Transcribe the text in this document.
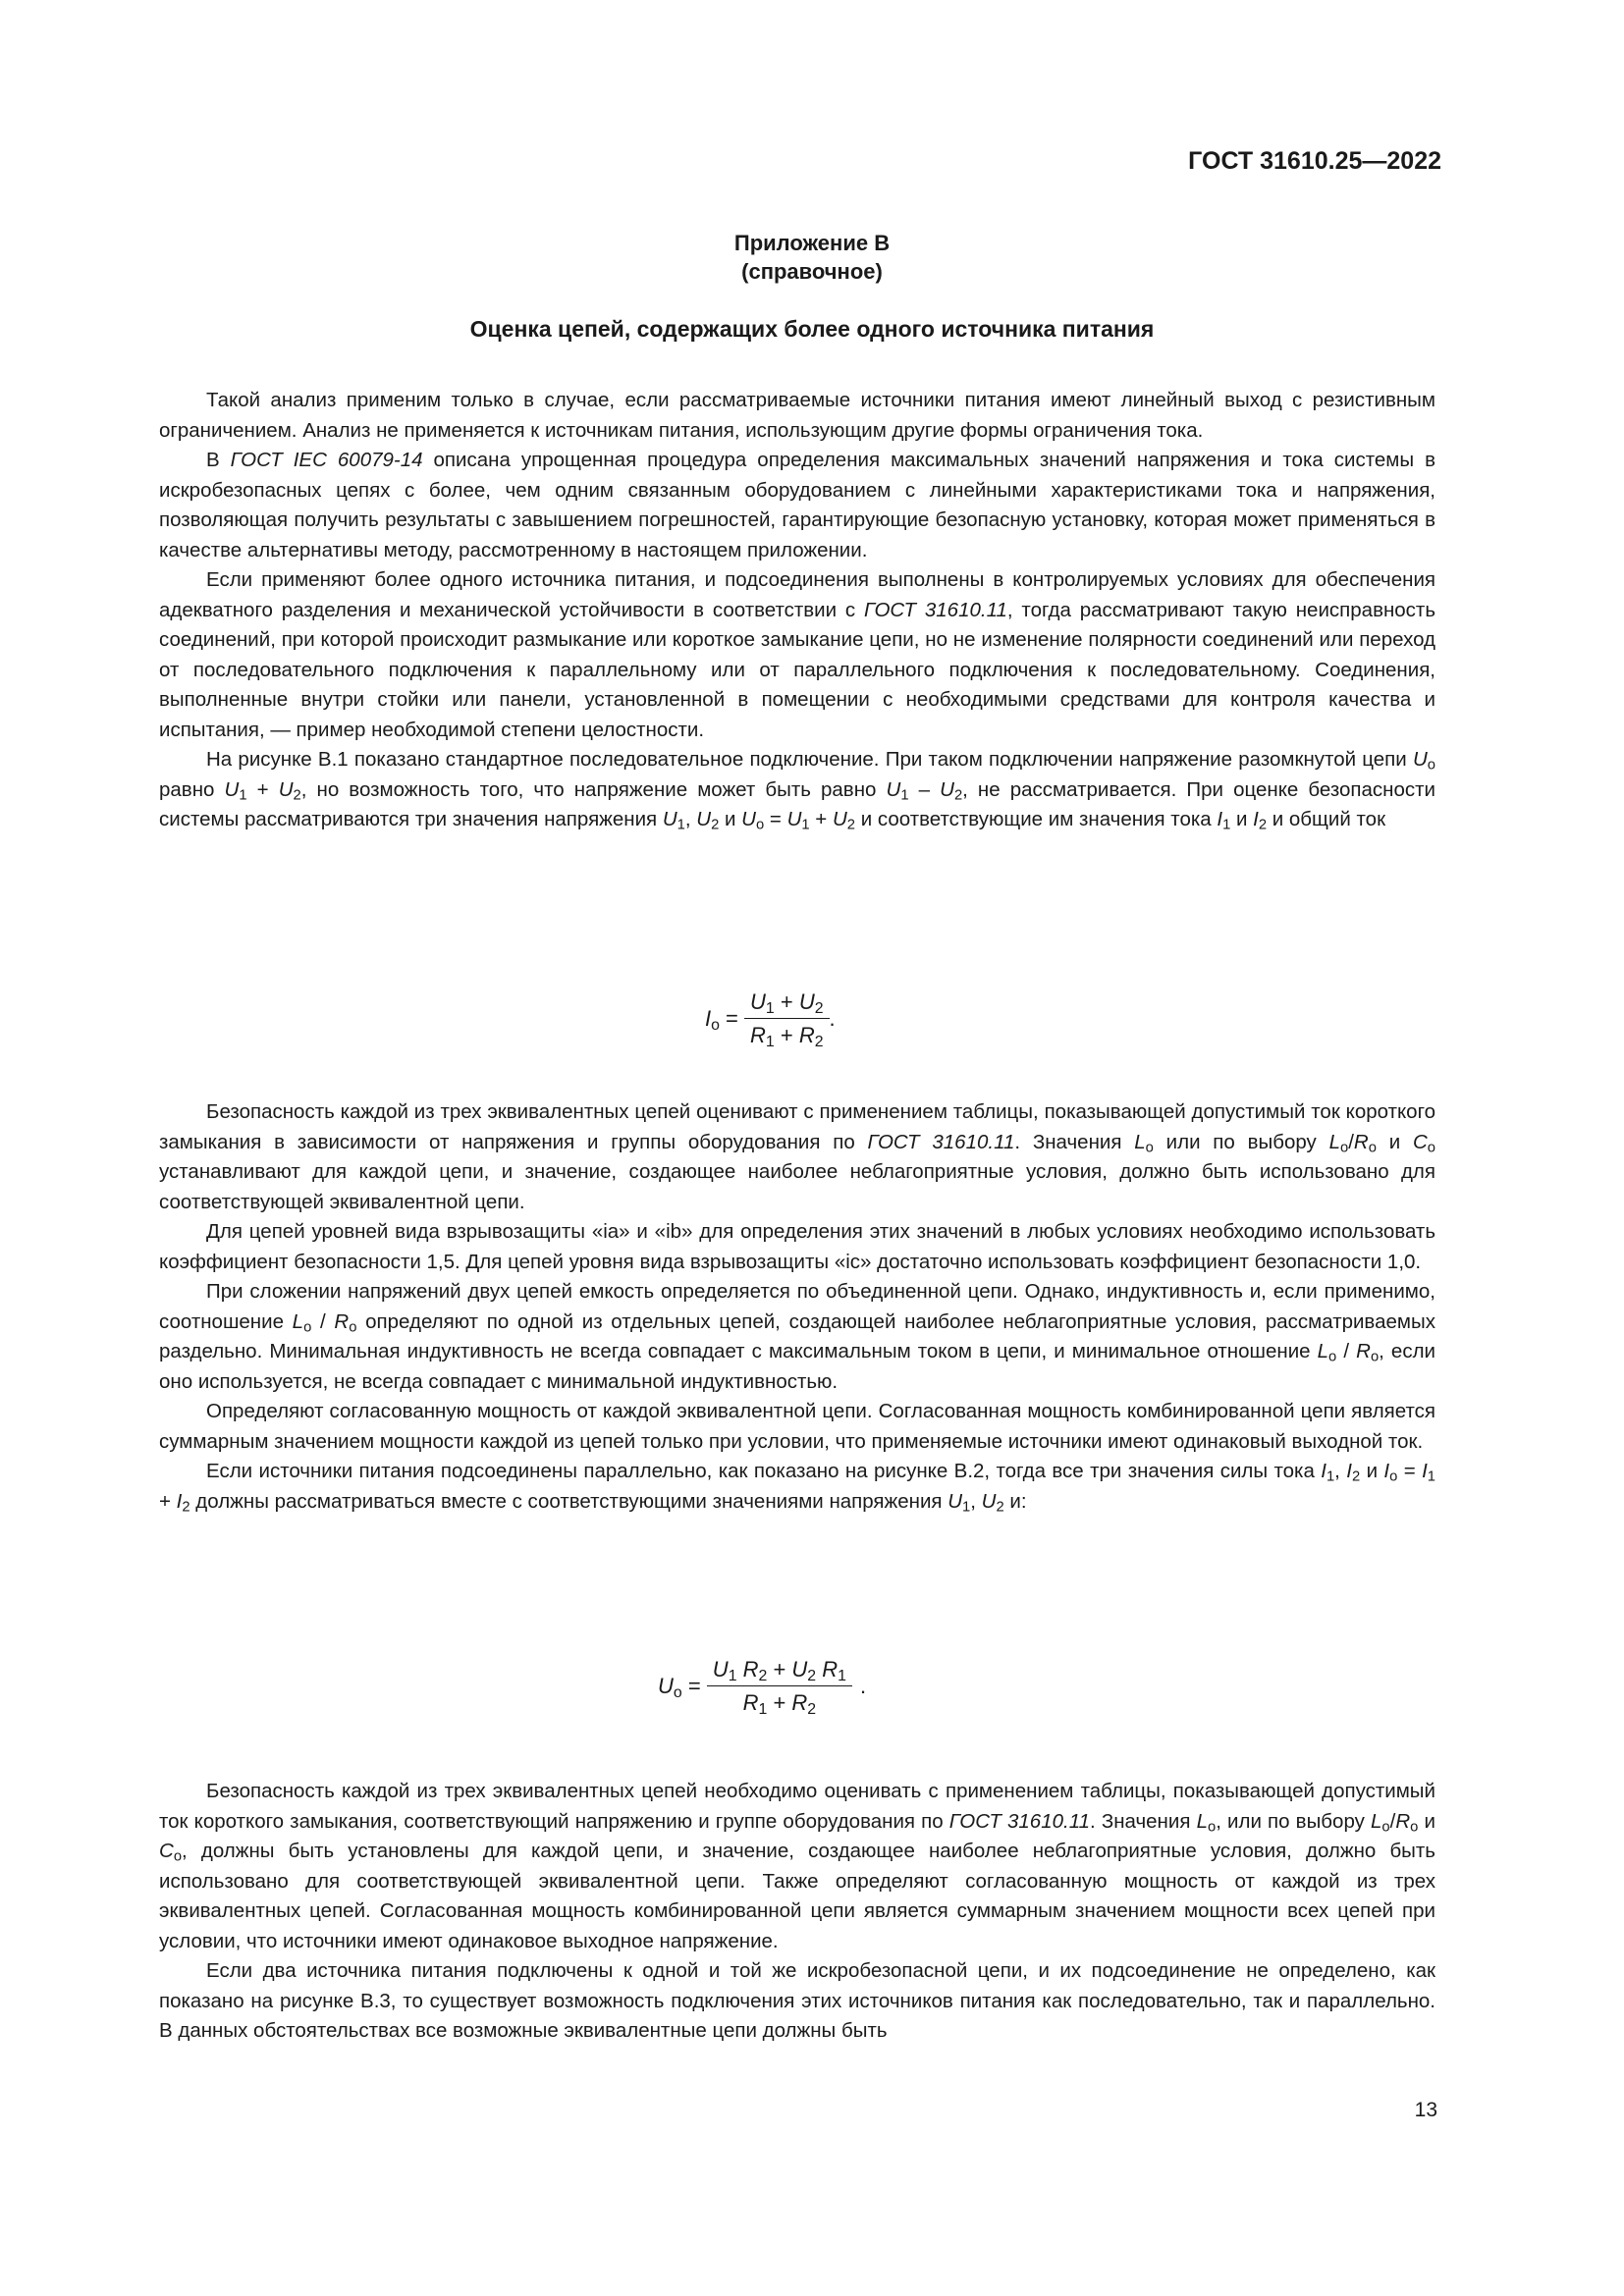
ГОСТ 31610.25—2022
Приложение В
(справочное)
Оценка цепей, содержащих более одного источника питания

Такой анализ применим только в случае, если рассматриваемые источники питания имеют линейный выход с резистивным ограничением. Анализ не применяется к источникам питания, использующим другие формы ограничения тока.

В ГОСТ IEC 60079-14 описана упрощенная процедура определения максимальных значений напряжения и тока системы в искробезопасных цепях с более, чем одним связанным оборудованием с линейными характеристиками тока и напряжения, позволяющая получить результаты с завышением погрешностей, гарантирующие безопасную установку, которая может применяться в качестве альтернативы методу, рассмотренному в настоящем приложении.

Если применяют более одного источника питания, и подсоединения выполнены в контролируемых условиях для обеспечения адекватного разделения и механической устойчивости в соответствии с ГОСТ 31610.11, тогда рассматривают такую неисправность соединений, при которой происходит размыкание или короткое замыкание цепи, но не изменение полярности соединений или переход от последовательного подключения к параллельному или от параллельного подключения к последовательному. Соединения, выполненные внутри стойки или панели, установленной в помещении с необходимыми средствами для контроля качества и испытания, — пример необходимой степени целостности.

На рисунке В.1 показано стандартное последовательное подключение. При таком подключении напряжение разомкнутой цепи $U_o$ равно $U_1 + U_2$, но возможность того, что напряжение может быть равно $U_1 - U_2$, не рассматривается. При оценке безопасности системы рассматриваются три значения напряжения $U_1$, $U_2$ и $U_o = U_1 + U_2$ и соответствующие им значения тока $I_1$ и $I_2$ и общий ток

$I_o = \frac{U_1 + U_2}{R_1 + R_2}$ .

Безопасность каждой из трех эквивалентных цепей оценивают с применением таблицы, показывающей допустимый ток короткого замыкания в зависимости от напряжения и группы оборудования по ГОСТ 31610.11. Значения $L_o$ или по выбору $L_o/R_o$ и $C_o$ устанавливают для каждой цепи, и значение, создающее наиболее неблагоприятные условия, должно быть использовано для соответствующей эквивалентной цепи.

Для цепей уровней вида взрывозащиты «ia» и «ib» для определения этих значений в любых условиях необходимо использовать коэффициент безопасности 1,5. Для цепей уровня вида взрывозащиты «ic» достаточно использовать коэффициент безопасности 1,0.

При сложении напряжений двух цепей емкость определяется по объединенной цепи. Однако, индуктивность и, если применимо, соотношение $L_o / R_o$ определяют по одной из отдельных цепей, создающей наиболее неблагоприятные условия, рассматриваемых раздельно. Минимальная индуктивность не всегда совпадает с максимальным током в цепи, и минимальное отношение $L_o / R_o$, если оно используется, не всегда совпадает с минимальной индуктивностью.

Определяют согласованную мощность от каждой эквивалентной цепи. Согласованная мощность комбинированной цепи является суммарным значением мощности каждой из цепей только при условии, что применяемые источники имеют одинаковый выходной ток.

Если источники питания подсоединены параллельно, как показано на рисунке В.2, тогда все три значения силы тока $I_1$, $I_2$ и $I_o = I_1 + I_2$ должны рассматриваться вместе с соответствующими значениями напряжения $U_1$, $U_2$ и:

$U_o = \frac{U_1 R_2 + U_2 R_1}{R_1 + R_2}$ .

Безопасность каждой из трех эквивалентных цепей необходимо оценивать с применением таблицы, показывающей допустимый ток короткого замыкания, соответствующий напряжению и группе оборудования по ГОСТ 31610.11. Значения $L_o$, или по выбору $L_o/R_o$ и $C_o$, должны быть установлены для каждой цепи, и значение, создающее наиболее неблагоприятные условия, должно быть использовано для соответствующей эквивалентной цепи. Также определяют согласованную мощность от каждой из трех эквивалентных цепей. Согласованная мощность комбинированной цепи является суммарным значением мощности всех цепей при условии, что источники имеют одинаковое выходное напряжение.

Если два источника питания подключены к одной и той же искробезопасной цепи, и их подсоединение не определено, как показано на рисунке В.3, то существует возможность подключения этих источников питания как последовательно, так и параллельно. В данных обстоятельствах все возможные эквивалентные цепи должны быть

13
